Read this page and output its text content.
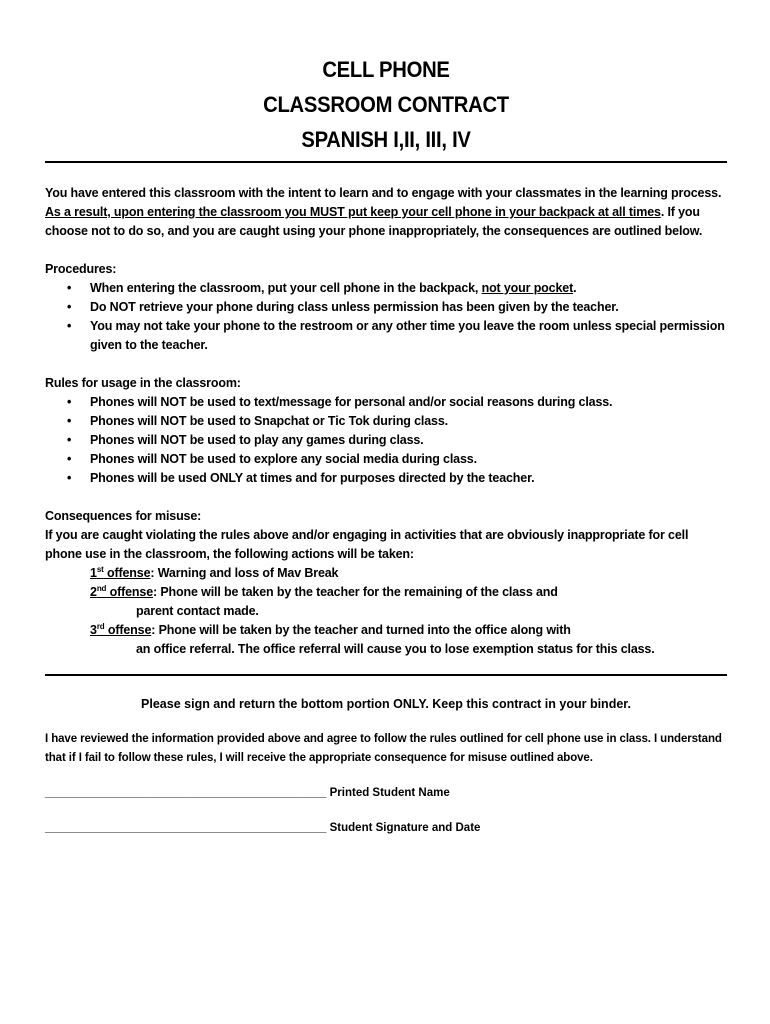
CELL PHONE
CLASSROOM CONTRACT
SPANISH I,II, III, IV

You have entered this classroom with the intent to learn and to engage with your classmates in the learning process. As a result, upon entering the classroom you MUST put keep your cell phone in your backpack at all times. If you choose not to do so, and you are caught using your phone inappropriately, the consequences are outlined below.

Procedures:
• When entering the classroom, put your cell phone in the backpack, not your pocket.
• Do NOT retrieve your phone during class unless permission has been given by the teacher.
• You may not take your phone to the restroom or any other time you leave the room unless special permission given to the teacher.
Rules for usage in the classroom:
• Phones will NOT be used to text/message for personal and/or social reasons during class.
• Phones will NOT be used to Snapchat or Tic Tok during class.
• Phones will NOT be used to play any games during class.
• Phones will NOT be used to explore any social media during class.
• Phones will be used ONLY at times and for purposes directed by the teacher.
Consequences for misuse:
If you are caught violating the rules above and/or engaging in activities that are obviously inappropriate for cell phone use in the classroom, the following actions will be taken:
1st offense: Warning and loss of Mav Break
2nd offense: Phone will be taken by the teacher for the remaining of the class and
parent contact made.
3rd offense: Phone will be taken by the teacher and turned into the office along with
an office referral. The office referral will cause you to lose exemption status for this class.
Please sign and return the bottom portion ONLY. Keep this contract in your binder.

I have reviewed the information provided above and agree to follow the rules outlined for cell phone use in class. I understand that if I fail to follow these rules, I will receive the appropriate consequence for misuse outlined above.

____________________________________________ Printed Student Name
____________________________________________ Student Signature and Date
